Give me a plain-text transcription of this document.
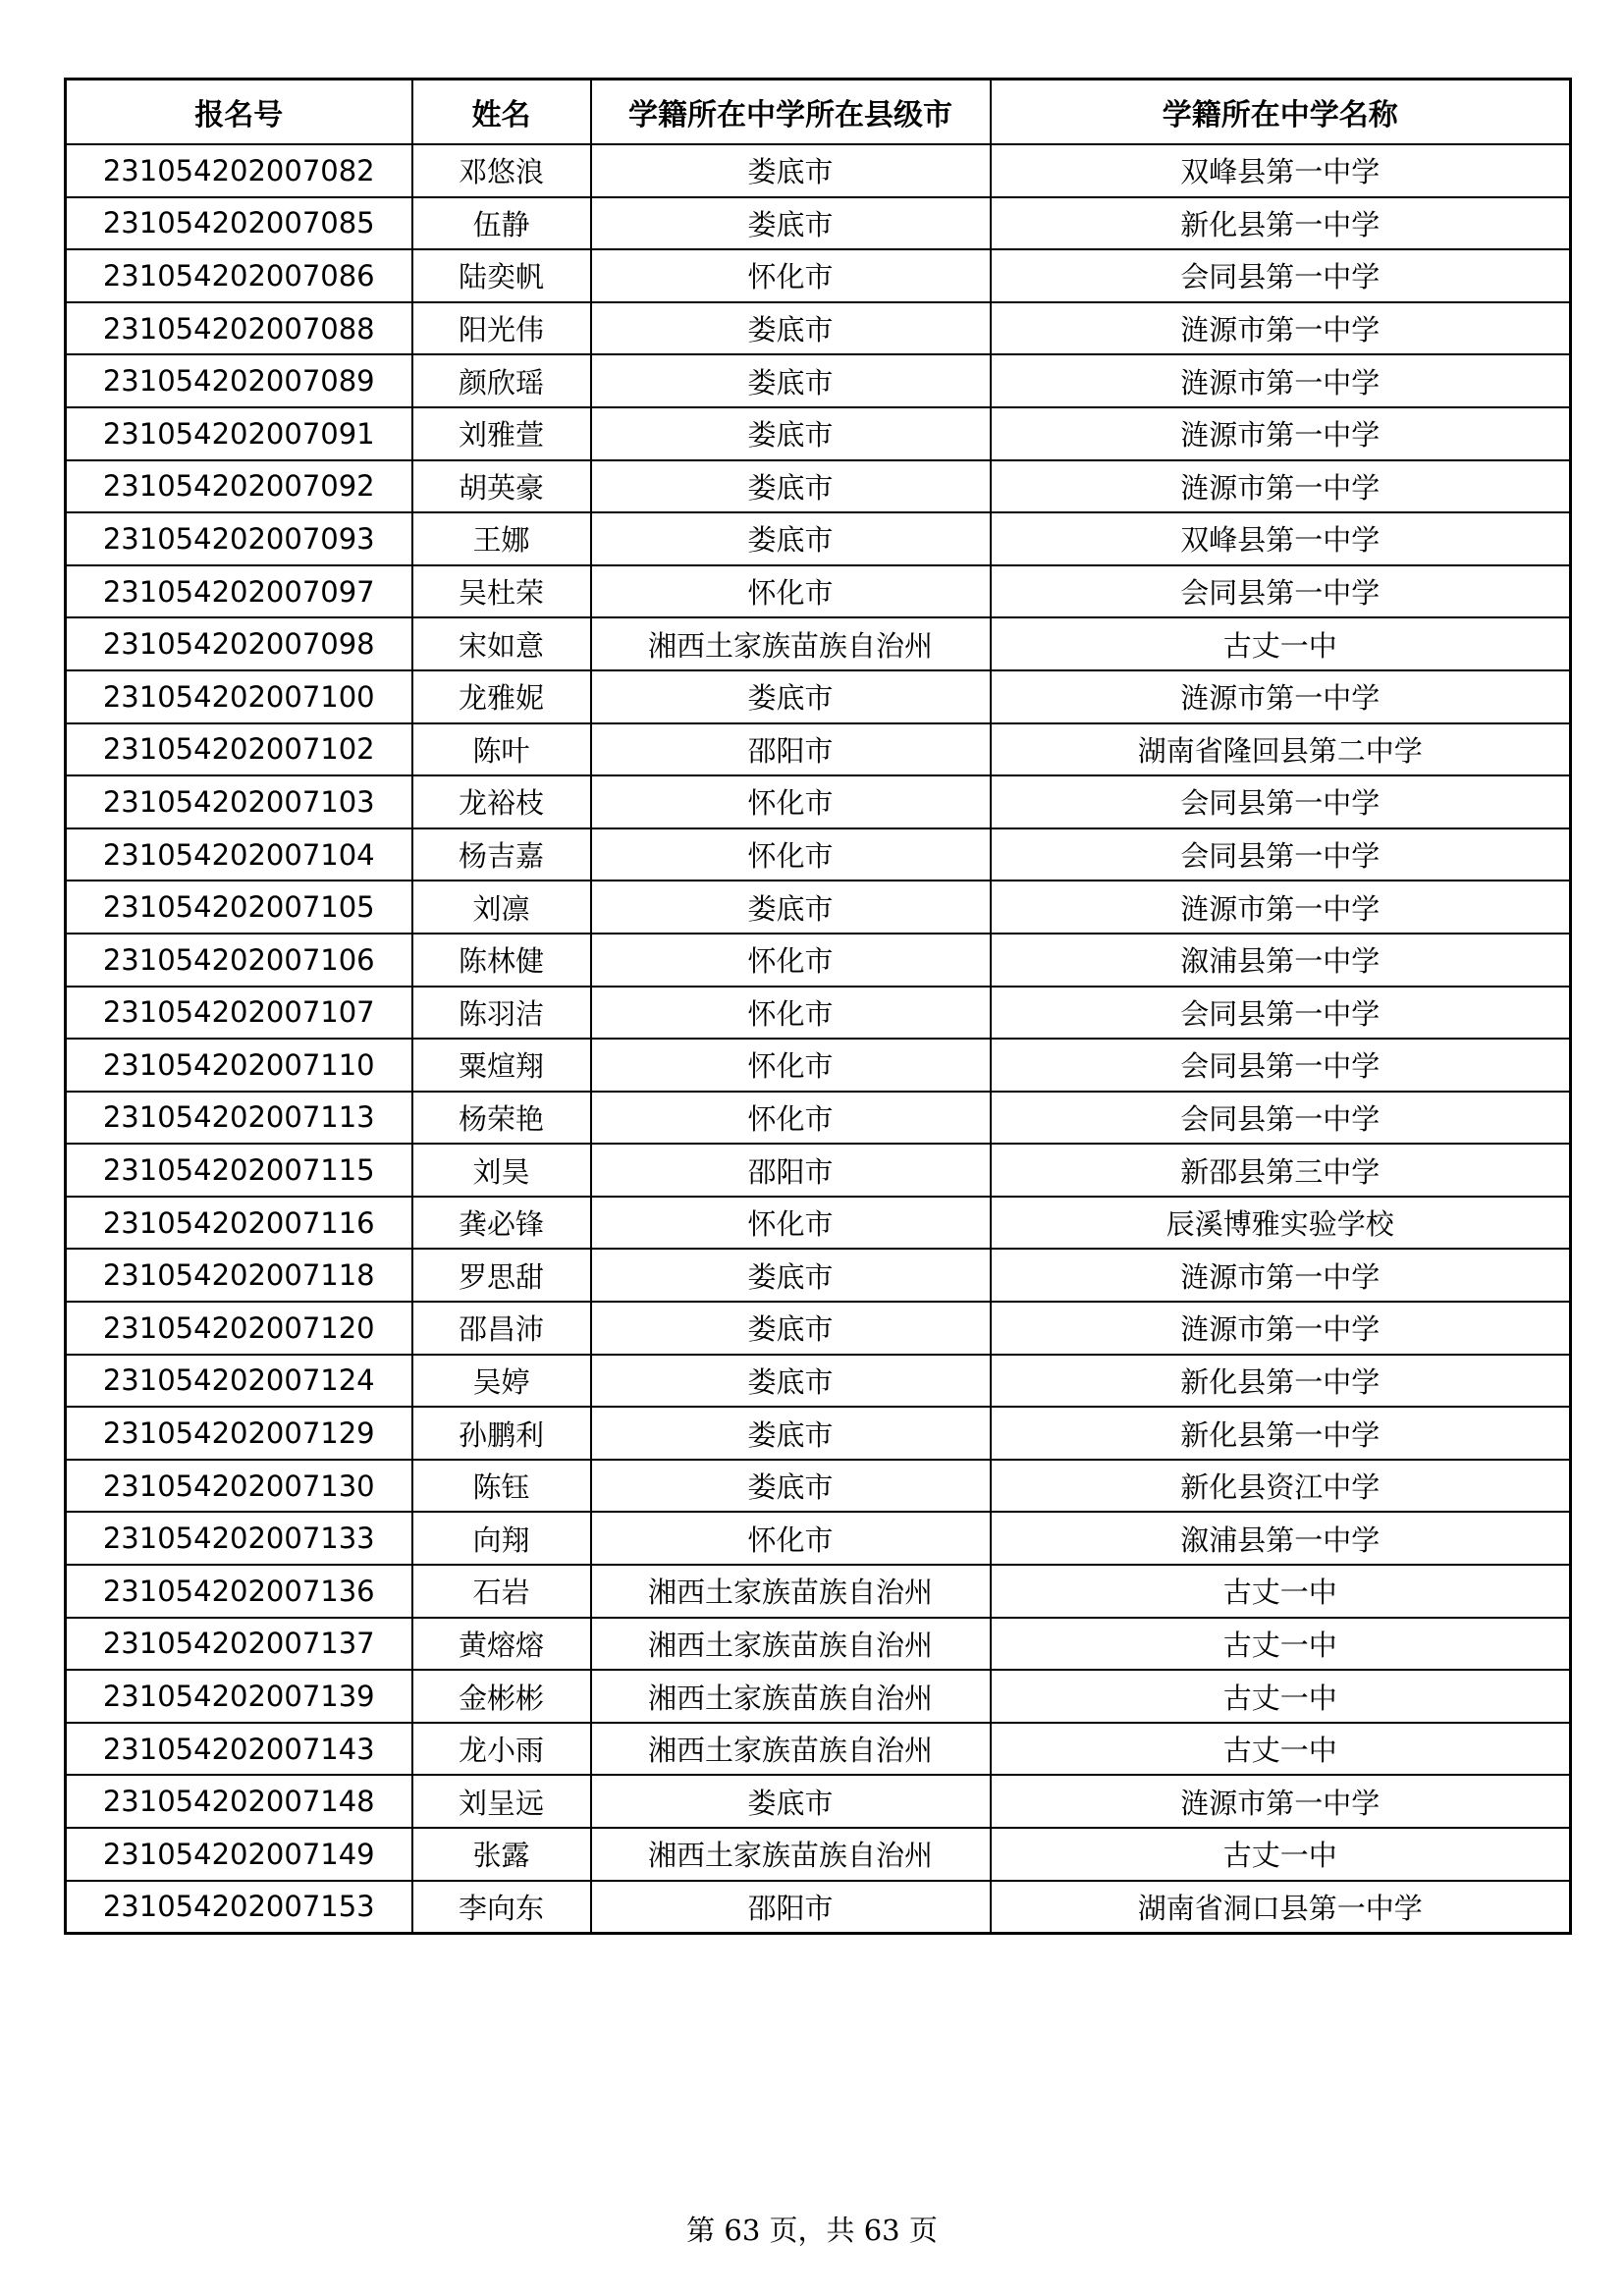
报名号	姓名	学籍所在中学所在县级市	学籍所在中学名称
231054202007082	邓悠浪	娄底市	双峰县第一中学
231054202007085	伍静	娄底市	新化县第一中学
231054202007086	陆奕帆	怀化市	会同县第一中学
231054202007088	阳光伟	娄底市	涟源市第一中学
231054202007089	颜欣瑶	娄底市	涟源市第一中学
231054202007091	刘雅萱	娄底市	涟源市第一中学
231054202007092	胡英豪	娄底市	涟源市第一中学
231054202007093	王娜	娄底市	双峰县第一中学
231054202007097	吴杜荣	怀化市	会同县第一中学
231054202007098	宋如意	湘西土家族苗族自治州	古丈一中
231054202007100	龙雅妮	娄底市	涟源市第一中学
231054202007102	陈叶	邵阳市	湖南省隆回县第二中学
231054202007103	龙裕枝	怀化市	会同县第一中学
231054202007104	杨吉嘉	怀化市	会同县第一中学
231054202007105	刘凛	娄底市	涟源市第一中学
231054202007106	陈林健	怀化市	溆浦县第一中学
231054202007107	陈羽洁	怀化市	会同县第一中学
231054202007110	粟煊翔	怀化市	会同县第一中学
231054202007113	杨荣艳	怀化市	会同县第一中学
231054202007115	刘昊	邵阳市	新邵县第三中学
231054202007116	龚必锋	怀化市	辰溪博雅实验学校
231054202007118	罗思甜	娄底市	涟源市第一中学
231054202007120	邵昌沛	娄底市	涟源市第一中学
231054202007124	吴婷	娄底市	新化县第一中学
231054202007129	孙鹏利	娄底市	新化县第一中学
231054202007130	陈钰	娄底市	新化县资江中学
231054202007133	向翔	怀化市	溆浦县第一中学
231054202007136	石岩	湘西土家族苗族自治州	古丈一中
231054202007137	黄熔熔	湘西土家族苗族自治州	古丈一中
231054202007139	金彬彬	湘西土家族苗族自治州	古丈一中
231054202007143	龙小雨	湘西土家族苗族自治州	古丈一中
231054202007148	刘呈远	娄底市	涟源市第一中学
231054202007149	张露	湘西土家族苗族自治州	古丈一中
231054202007153	李向东	邵阳市	湖南省洞口县第一中学
第 63 页，共 63 页
